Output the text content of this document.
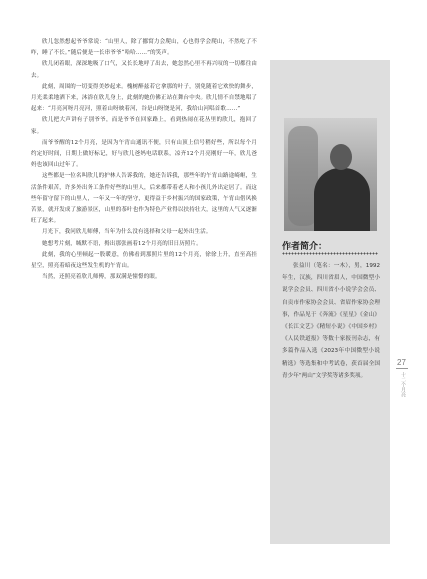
欣儿忽然想起爷爷常说：“山里人，除了挪窝力会爬山，心也得学会爬山，不然吃了不咋，睡了不长。”随后便是一长串爷爷“哈哈……”的笑声。

欣儿闭着眼，深深地吸了口气，又长长地呼了出去，她忽然心里不再兴叹的一切都往由去。

此刻，周围的一切变得美妙起来。槐树醉兹若它拿那的叶子，别免随着它欢快的舞步，月光柔柔地洒下来，沐浴在欣儿身上，此刻的她仿佛正站在舞台中央。欣儿情不自禁地唱了起来：“月亮河呀月亮河，照着山呀映着河，谷是山呀饶是河，我给山河唱首歌……”

欣儿把大声讲有子别爷爷，而是爷爷在回家路上，看到热闹在花丛里的欣儿，抱回了家。

而爷爷醒的12个月亮，是因为午宵山通讯不便，只有山顶上信号稍好些，所以每个月约定好时间，日期上做好标记，好与欣儿爸妈电话联系，凉齐12个月亮刚好一年，欣儿爸妈也该回山过年了。

这些都是一位名叫欣儿的护林人告诉我的，她还告诉我，那些年的午宵山路途崎岖，生活条件艰苦，许多外出务工条件好些的山里人，后来都带着老人和小孩儿外出定居了。而这些年留守留下的山里人，一年又一年的坚守，更得益于乡村振兴的国家政策，午宵山借风换苦景，就开发成了旅游景区，山里的茶叶也作为特色产业得以扶持壮大，这里的人气又逐渐旺了起来。

月光下，我问欣儿师傅，当年为什么没有选择和父母一起外出生活。

她想考片刻，缄默不语，拇出那张画着12个月亮的旧日历照片。

此刻，我的心里顿起一股暖意，仿佛看到那照片里的12个月亮，徐徐上升，直至高挂星空，照亮着暗夜这些发生机的午宵山。

当然，还照亮着欣儿师傅，那双满是憧憬的眼。

作者简介：

张益川（笔名：一木），男，1992年生，汉族，四川省眉人，中国微型小说学会会员、四川省小小说学会会员、自贡市作家协会会员、省眉作家协会理事，作品见于《奔流》《星星》《金山》《长江文艺》《精短小说》《中国乡村》《人民铁道报》等数十家报刊杂志，有多篇作品入选《2023年中国微型小说精选》等选集和中考试卷，获首届全国青少年“两山”文学奖等诸多奖项。

27
十二个月亮
